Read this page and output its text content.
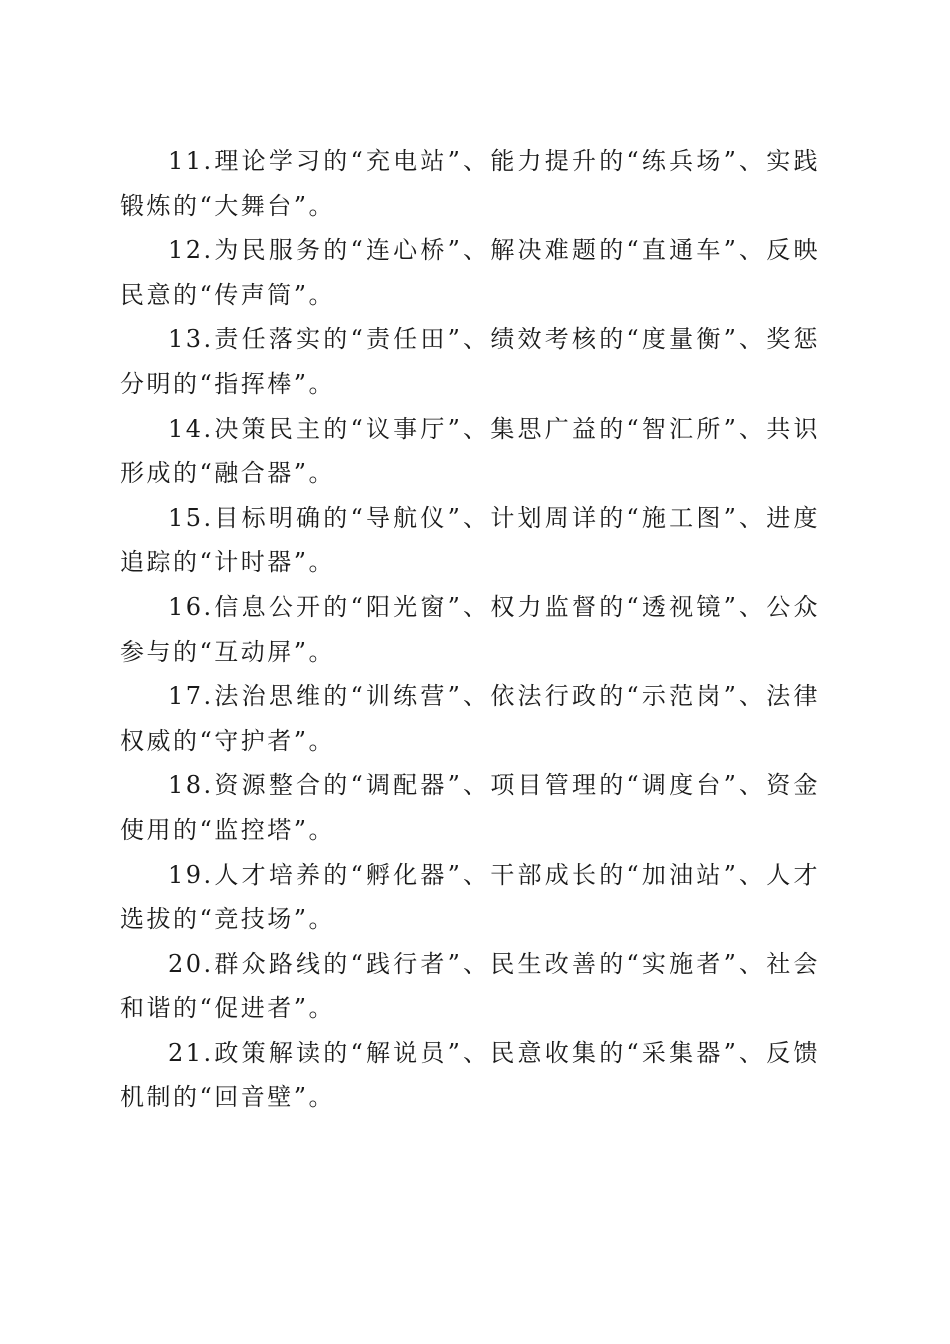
11.理论学习的“充电站”、能力提升的“练兵场”、实践锻炼的“大舞台”。

12.为民服务的“连心桥”、解决难题的“直通车”、反映民意的“传声筒”。

13.责任落实的“责任田”、绩效考核的“度量衡”、奖惩分明的“指挥棒”。

14.决策民主的“议事厅”、集思广益的“智汇所”、共识形成的“融合器”。

15.目标明确的“导航仪”、计划周详的“施工图”、进度追踪的“计时器”。

16.信息公开的“阳光窗”、权力监督的“透视镜”、公众参与的“互动屏”。

17.法治思维的“训练营”、依法行政的“示范岗”、法律权威的“守护者”。

18.资源整合的“调配器”、项目管理的“调度台”、资金使用的“监控塔”。

19.人才培养的“孵化器”、干部成长的“加油站”、人才选拔的“竞技场”。

20.群众路线的“践行者”、民生改善的“实施者”、社会和谐的“促进者”。

21.政策解读的“解说员”、民意收集的“采集器”、反馈机制的“回音壁”。
